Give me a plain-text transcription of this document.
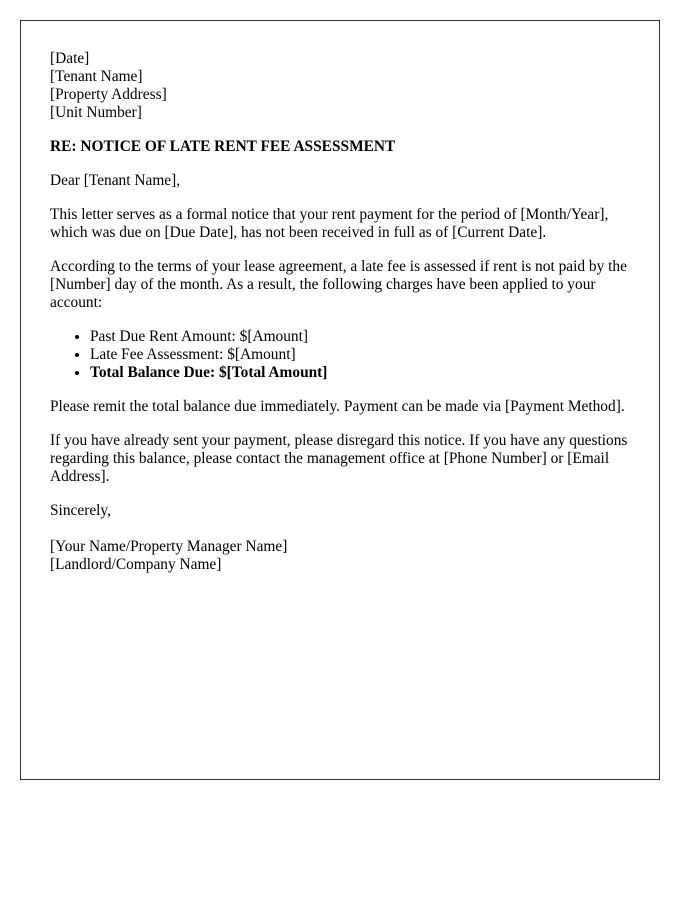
[Date]
[Tenant Name]
[Property Address]
[Unit Number]

RE: NOTICE OF LATE RENT FEE ASSESSMENT

Dear [Tenant Name],

This letter serves as a formal notice that your rent payment for the period of [Month/Year], which was due on [Due Date], has not been received in full as of [Current Date].

According to the terms of your lease agreement, a late fee is assessed if rent is not paid by the [Number] day of the month. As a result, the following charges have been applied to your account:

• Past Due Rent Amount: $[Amount]
• Late Fee Assessment: $[Amount]
• Total Balance Due: $[Total Amount]

Please remit the total balance due immediately. Payment can be made via [Payment Method].

If you have already sent your payment, please disregard this notice. If you have any questions regarding this balance, please contact the management office at [Phone Number] or [Email Address].

Sincerely,

[Your Name/Property Manager Name]
[Landlord/Company Name]
